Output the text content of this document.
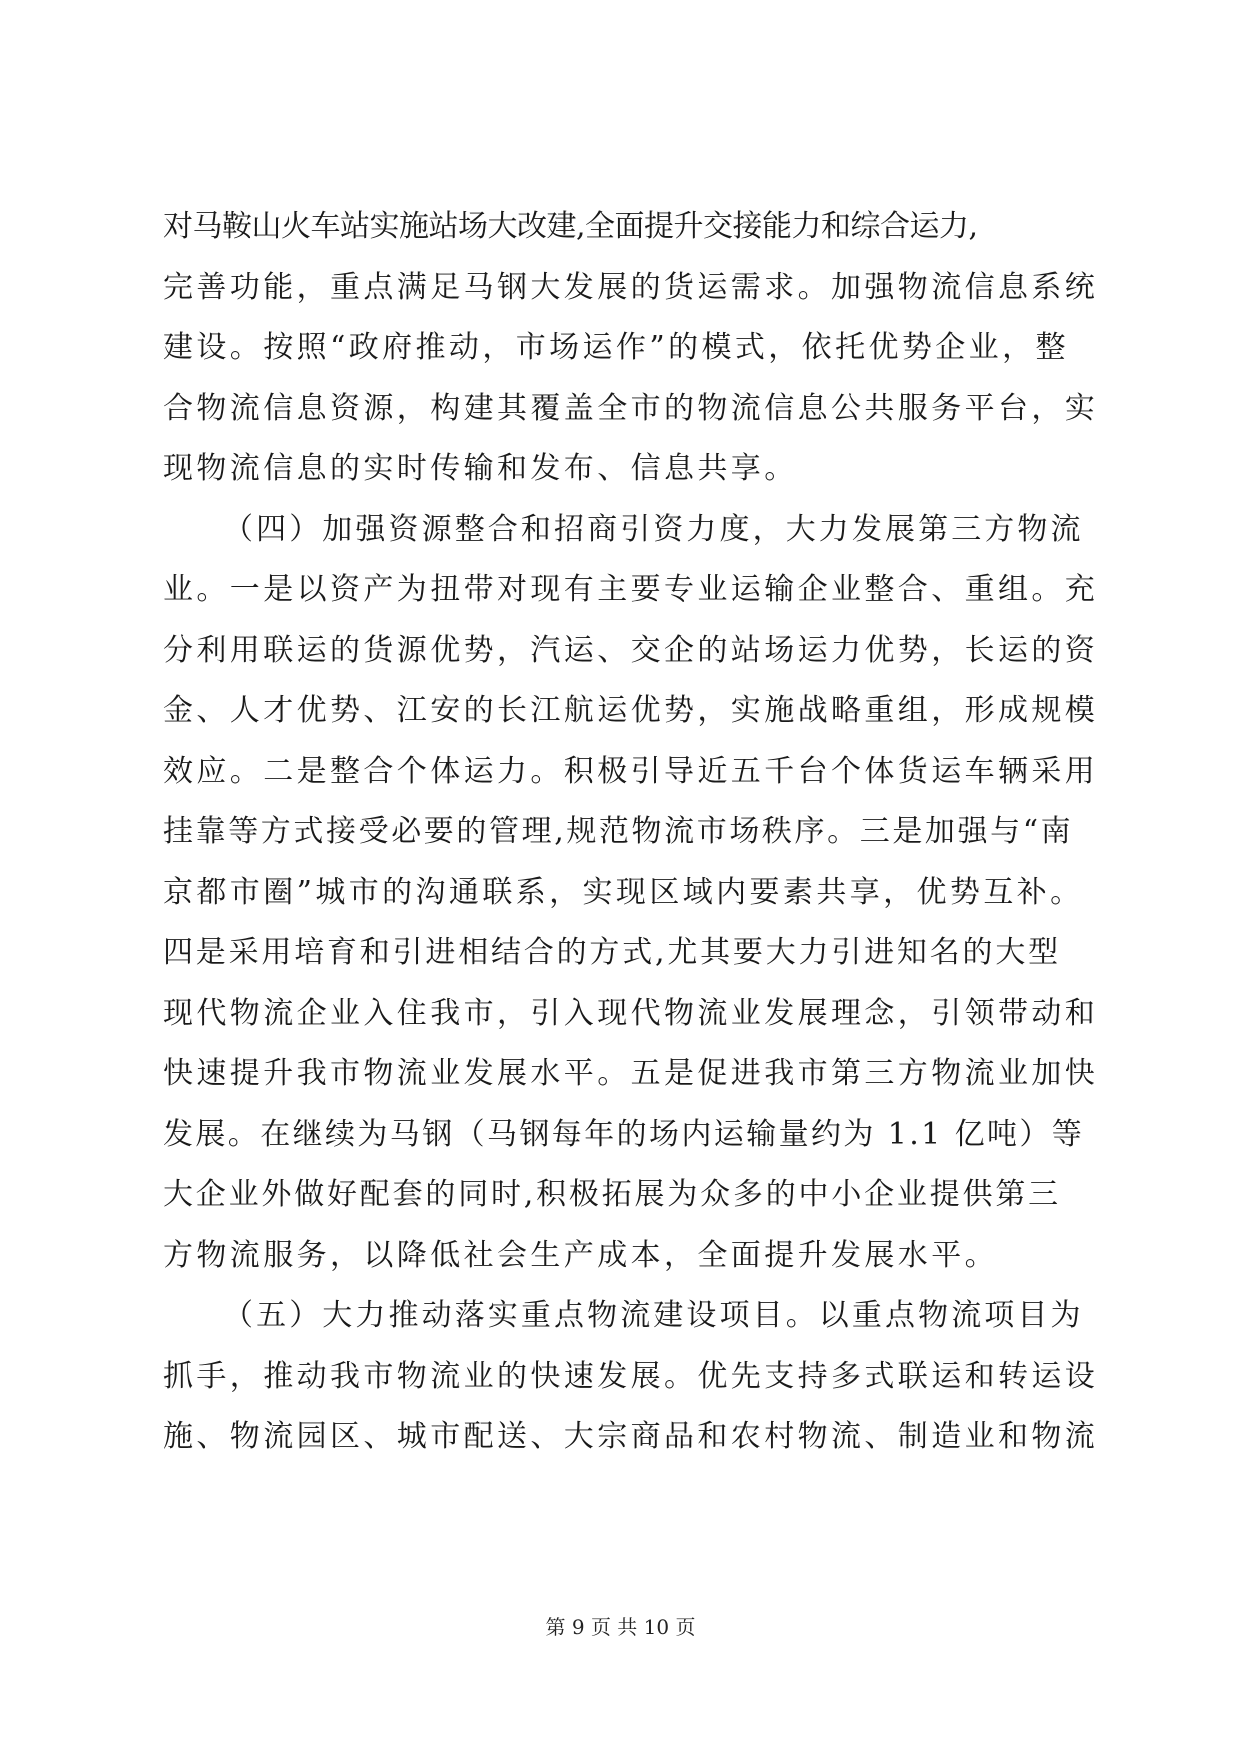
对马鞍山火车站实施站场大改建,全面提升交接能力和综合运力,
完善功能，重点满足马钢大发展的货运需求。加强物流信息系统
建设。按照“政府推动，市场运作”的模式，依托优势企业，整
合物流信息资源，构建其覆盖全市的物流信息公共服务平台，实
现物流信息的实时传输和发布、信息共享。
（四）加强资源整合和招商引资力度，大力发展第三方物流
业。一是以资产为扭带对现有主要专业运输企业整合、重组。充
分利用联运的货源优势，汽运、交企的站场运力优势，长运的资
金、人才优势、江安的长江航运优势，实施战略重组，形成规模
效应。二是整合个体运力。积极引导近五千台个体货运车辆采用
挂靠等方式接受必要的管理,规范物流市场秩序。三是加强与“南
京都市圈”城市的沟通联系，实现区域内要素共享，优势互补。
四是采用培育和引进相结合的方式,尤其要大力引进知名的大型
现代物流企业入住我市，引入现代物流业发展理念，引领带动和
快速提升我市物流业发展水平。五是促进我市第三方物流业加快
发展。在继续为马钢（马钢每年的场内运输量约为 1.1 亿吨）等
大企业外做好配套的同时,积极拓展为众多的中小企业提供第三
方物流服务，以降低社会生产成本，全面提升发展水平。
（五）大力推动落实重点物流建设项目。以重点物流项目为
抓手，推动我市物流业的快速发展。优先支持多式联运和转运设
施、物流园区、城市配送、大宗商品和农村物流、制造业和物流
第 9 页 共 10 页
